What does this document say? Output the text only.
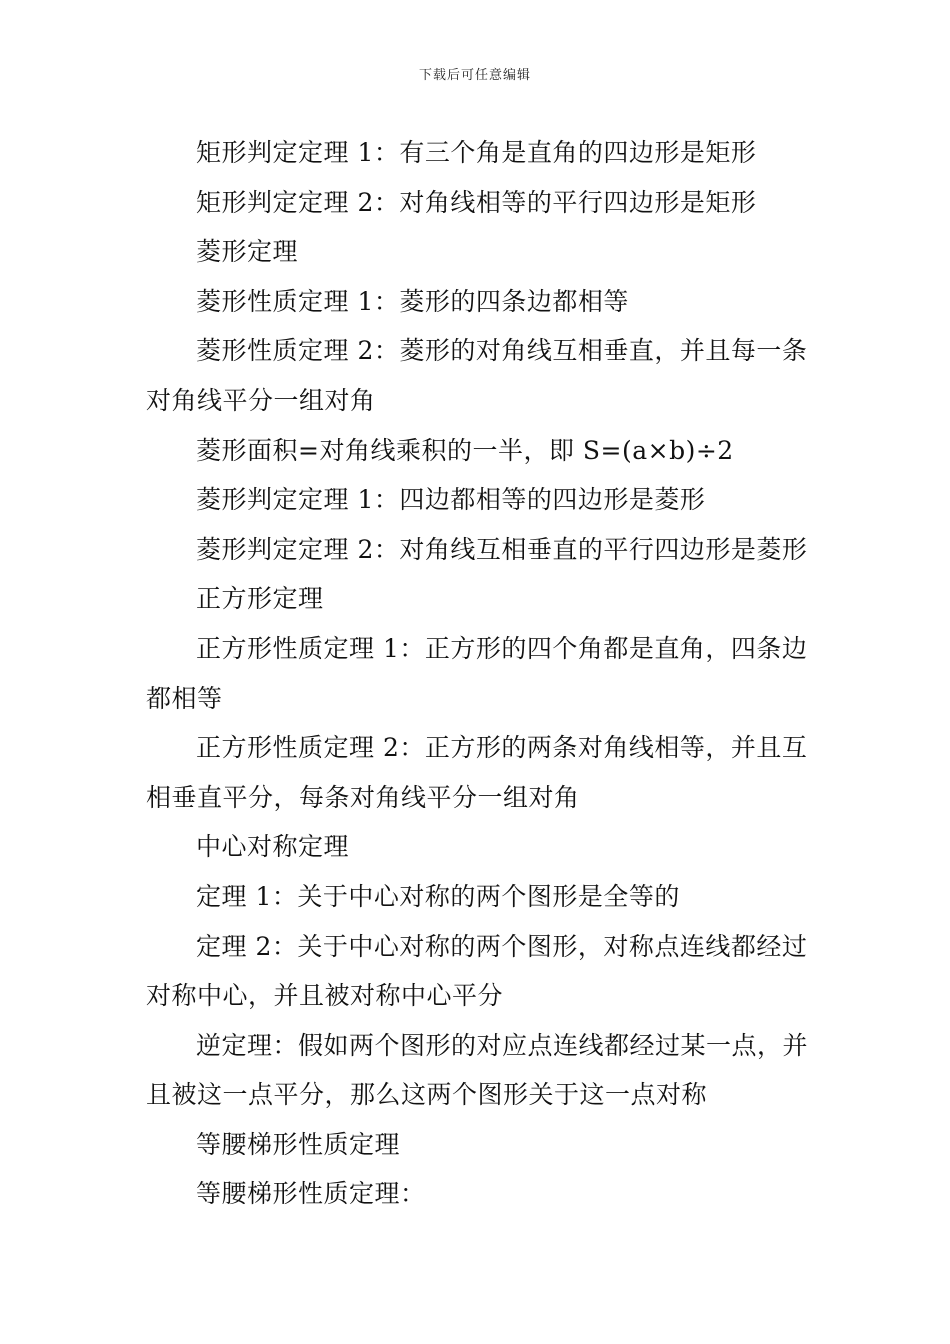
下载后可任意编辑

矩形判定定理 1：有三个角是直角的四边形是矩形

矩形判定定理 2：对角线相等的平行四边形是矩形

菱形定理

菱形性质定理 1：菱形的四条边都相等

菱形性质定理 2：菱形的对角线互相垂直，并且每一条对角线平分一组对角

菱形面积=对角线乘积的一半，即 S=(a×b)÷2

菱形判定定理 1：四边都相等的四边形是菱形

菱形判定定理 2：对角线互相垂直的平行四边形是菱形

正方形定理

正方形性质定理 1：正方形的四个角都是直角，四条边都相等

正方形性质定理 2：正方形的两条对角线相等，并且互相垂直平分，每条对角线平分一组对角

中心对称定理

定理 1：关于中心对称的两个图形是全等的

定理 2：关于中心对称的两个图形，对称点连线都经过对称中心，并且被对称中心平分

逆定理：假如两个图形的对应点连线都经过某一点，并且被这一点平分，那么这两个图形关于这一点对称

等腰梯形性质定理

等腰梯形性质定理：
